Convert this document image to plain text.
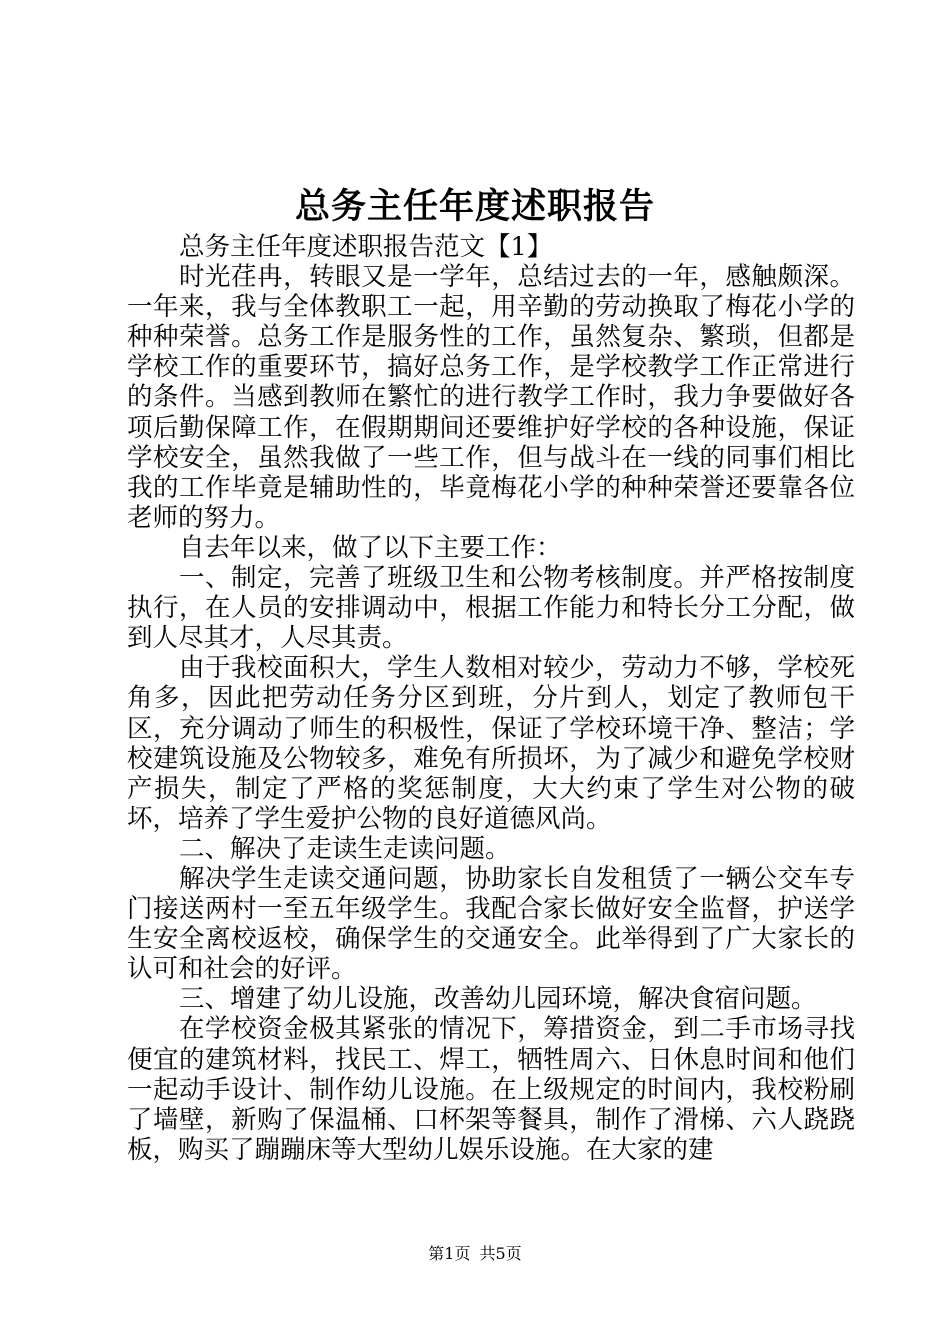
总务主任年度述职报告

总务主任年度述职报告范文【1】

时光荏冉，转眼又是一学年，总结过去的一年，感触颇深。一年来，我与全体教职工一起，用辛勤的劳动换取了梅花小学的种种荣誉。总务工作是服务性的工作，虽然复杂、繁琐，但都是学校工作的重要环节，搞好总务工作，是学校教学工作正常进行的条件。当感到教师在繁忙的进行教学工作时，我力争要做好各项后勤保障工作，在假期期间还要维护好学校的各种设施，保证学校安全，虽然我做了一些工作，但与战斗在一线的同事们相比我的工作毕竟是辅助性的，毕竟梅花小学的种种荣誉还要靠各位老师的努力。

自去年以来，做了以下主要工作：

一、制定，完善了班级卫生和公物考核制度。并严格按制度执行，在人员的安排调动中，根据工作能力和特长分工分配，做到人尽其才，人尽其责。

由于我校面积大，学生人数相对较少，劳动力不够，学校死角多，因此把劳动任务分区到班，分片到人，划定了教师包干区，充分调动了师生的积极性，保证了学校环境干净、整洁；学校建筑设施及公物较多，难免有所损坏，为了减少和避免学校财产损失，制定了严格的奖惩制度，大大约束了学生对公物的破坏，培养了学生爱护公物的良好道德风尚。

二、解决了走读生走读问题。

解决学生走读交通问题，协助家长自发租赁了一辆公交车专门接送两村一至五年级学生。我配合家长做好安全监督，护送学生安全离校返校，确保学生的交通安全。此举得到了广大家长的认可和社会的好评。

三、增建了幼儿设施，改善幼儿园环境，解决食宿问题。

在学校资金极其紧张的情况下，筹措资金，到二手市场寻找便宜的建筑材料，找民工、焊工，牺牲周六、日休息时间和他们一起动手设计、制作幼儿设施。在上级规定的时间内，我校粉刷了墙壁，新购了保温桶、口杯架等餐具，制作了滑梯、六人跷跷板，购买了蹦蹦床等大型幼儿娱乐设施。在大家的建

第1页 共5页
